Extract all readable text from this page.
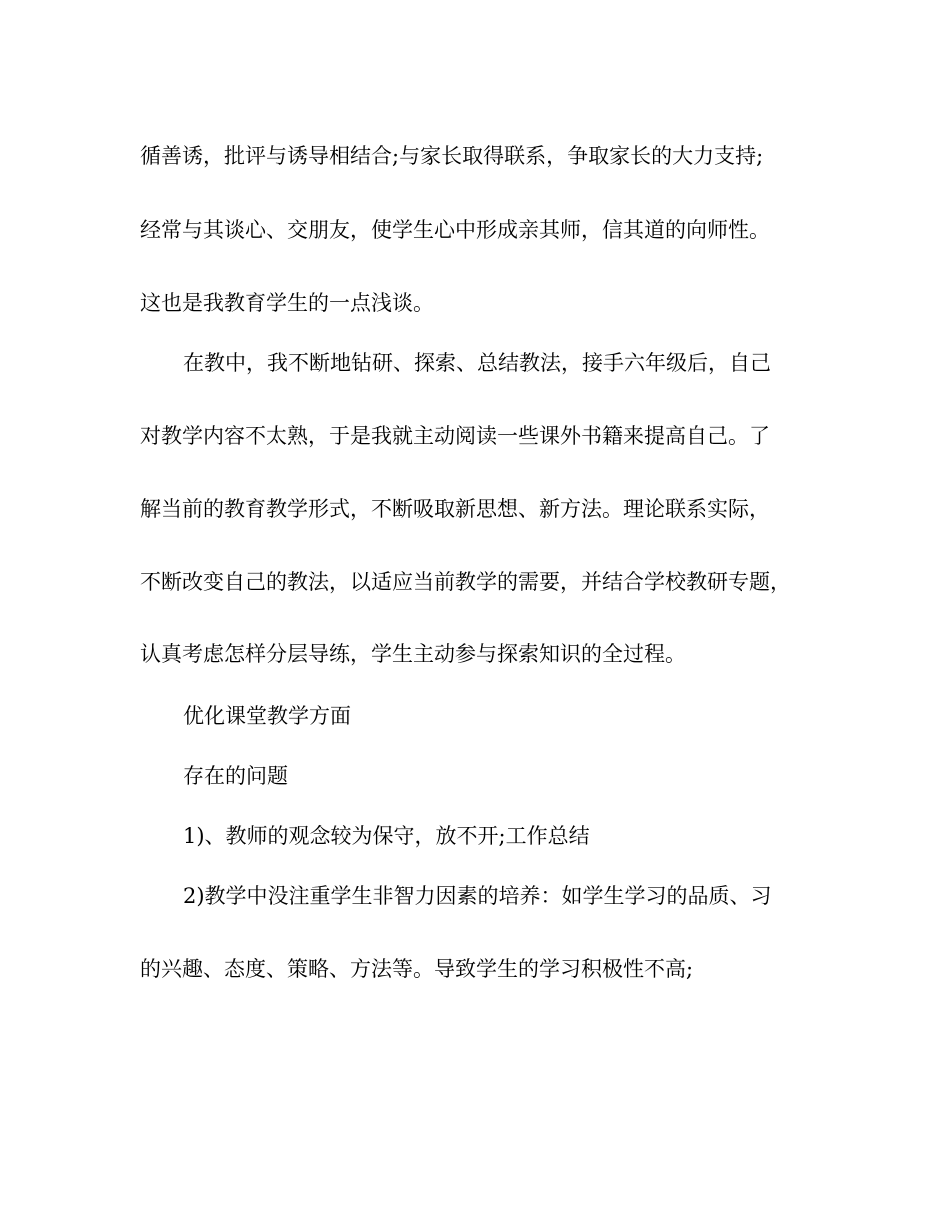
循善诱，批评与诱导相结合;与家长取得联系，争取家长的大力支持;
经常与其谈心、交朋友，使学生心中形成亲其师，信其道的向师性。
这也是我教育学生的一点浅谈。
在教中，我不断地钻研、探索、总结教法，接手六年级后，自己
对教学内容不太熟，于是我就主动阅读一些课外书籍来提高自己。了
解当前的教育教学形式，不断吸取新思想、新方法。理论联系实际，
不断改变自己的教法，以适应当前教学的需要，并结合学校教研专题，
认真考虑怎样分层导练，学生主动参与探索知识的全过程。
优化课堂教学方面
存在的问题
1)、教师的观念较为保守，放不开;工作总结
2)教学中没注重学生非智力因素的培养：如学生学习的品质、习
的兴趣、态度、策略、方法等。导致学生的学习积极性不高;
